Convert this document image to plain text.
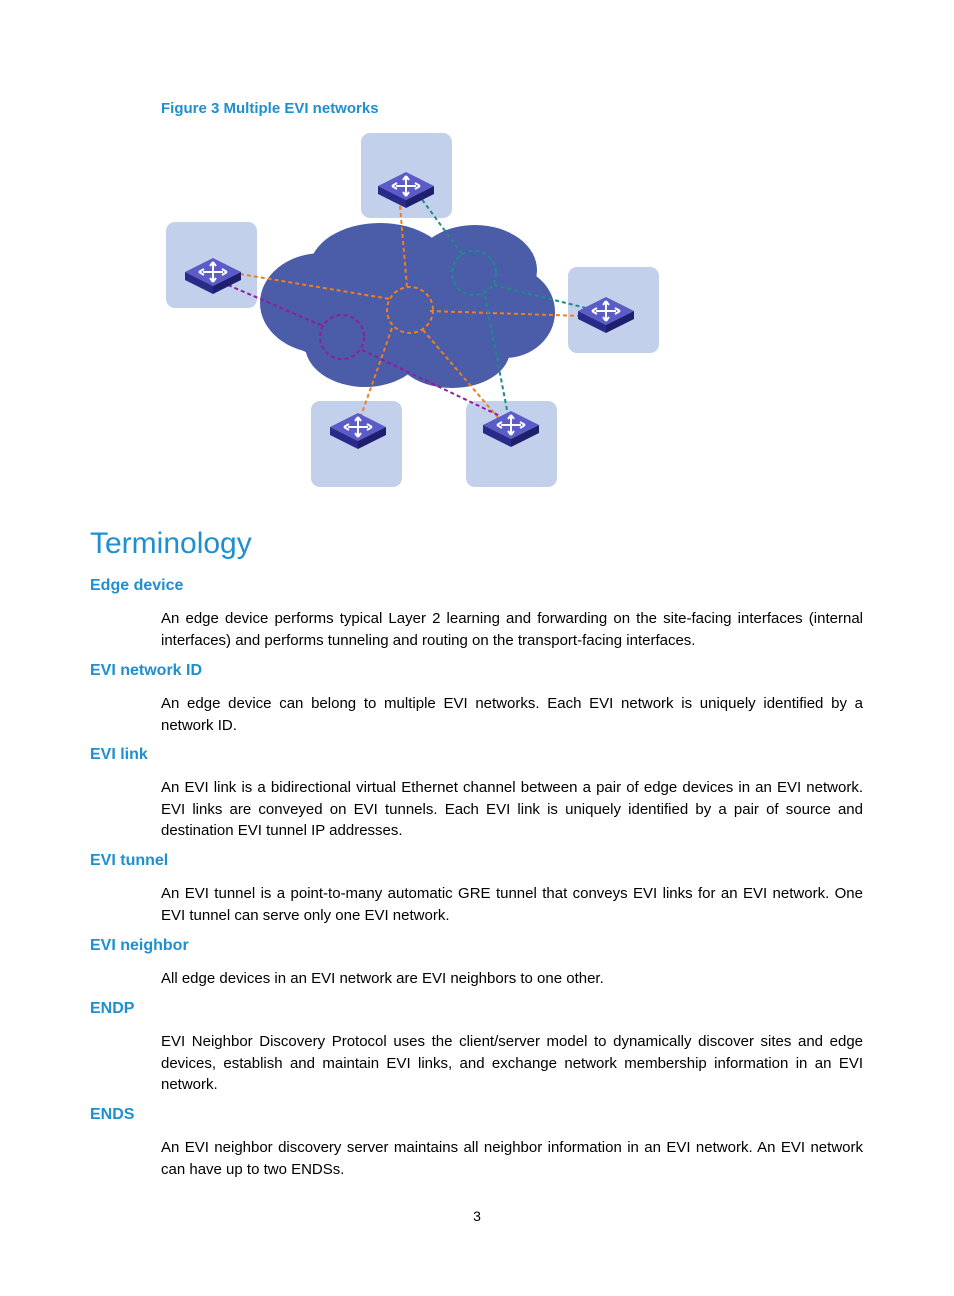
Figure 3 Multiple EVI networks
Terminology
Edge device

An edge device performs typical Layer 2 learning and forwarding on the site-facing interfaces (internal interfaces) and performs tunneling and routing on the transport-facing interfaces.

EVI network ID

An edge device can belong to multiple EVI networks. Each EVI network is uniquely identified by a network ID.

EVI link

An EVI link is a bidirectional virtual Ethernet channel between a pair of edge devices in an EVI network. EVI links are conveyed on EVI tunnels. Each EVI link is uniquely identified by a pair of source and destination EVI tunnel IP addresses.

EVI tunnel

An EVI tunnel is a point-to-many automatic GRE tunnel that conveys EVI links for an EVI network. One EVI tunnel can serve only one EVI network.

EVI neighbor

All edge devices in an EVI network are EVI neighbors to one other.

ENDP

EVI Neighbor Discovery Protocol uses the client/server model to dynamically discover sites and edge devices, establish and maintain EVI links, and exchange network membership information in an EVI network.

ENDS

An EVI neighbor discovery server maintains all neighbor information in an EVI network. An EVI network can have up to two ENDSs.

3
